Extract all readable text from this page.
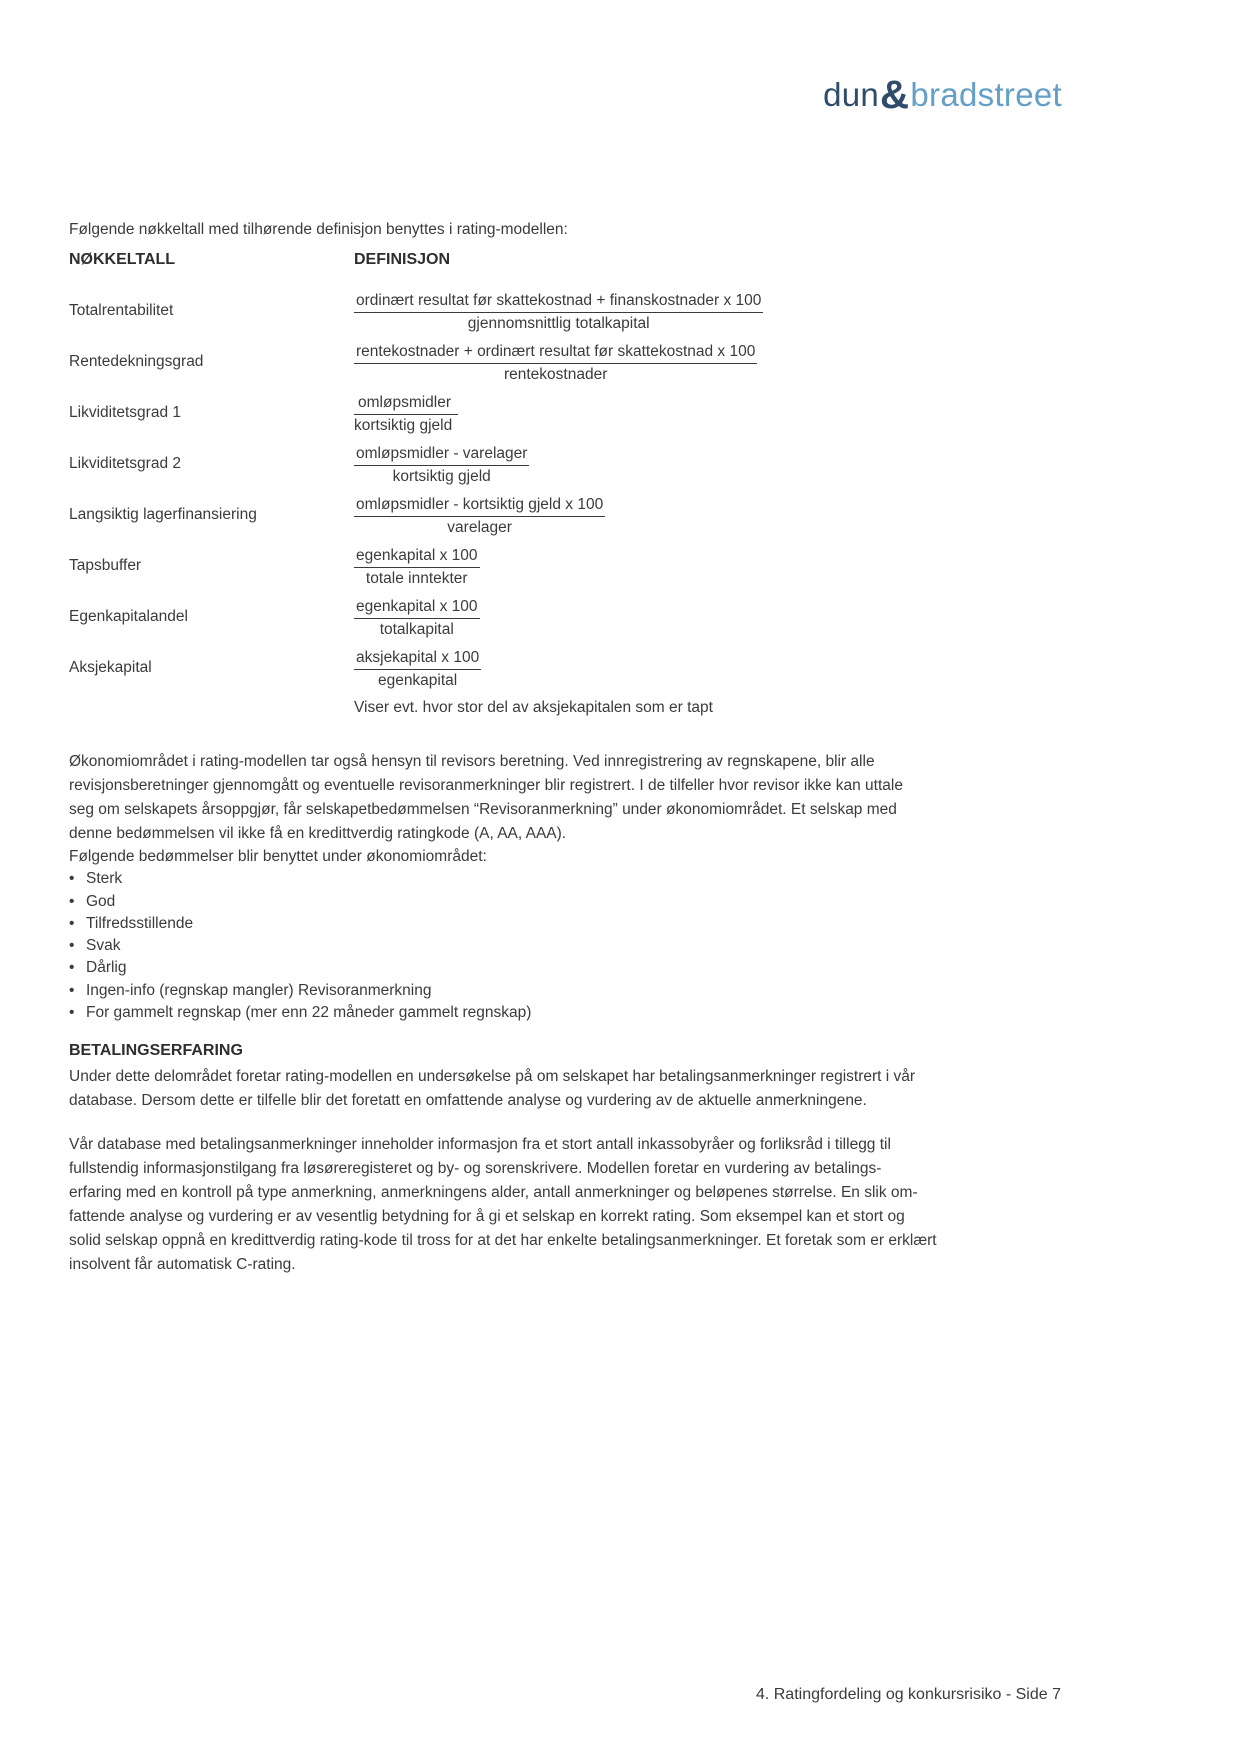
dun&bradstreet

Følgende nøkkeltall med tilhørende definisjon benyttes i rating-modellen:

NØKKELTALL	DEFINISJON
Totalrentabilitet	$\frac{\text{ordinært resultat før skattekostnad + finanskostnader x 100}}{\text{gjennomsnittlig totalkapital}}$
Rentedekningsgrad	$\frac{\text{rentekostnader + ordinært resultat før skattekostnad x 100}}{\text{rentekostnader}}$
Likviditetsgrad 1	$\frac{\text{omløpsmidler}}{\text{kortsiktig gjeld}}$
Likviditetsgrad 2	$\frac{\text{omløpsmidler - varelager}}{\text{kortsiktig gjeld}}$
Langsiktig lagerfinansiering	$\frac{\text{omløpsmidler - kortsiktig gjeld x 100}}{\text{varelager}}$
Tapsbuffer	$\frac{\text{egenkapital x 100}}{\text{totale inntekter}}$
Egenkapitalandel	$\frac{\text{egenkapital x 100}}{\text{totalkapital}}$
Aksjekapital	$\frac{\text{aksjekapital x 100}}{\text{egenkapital}}$
Viser evt. hvor stor del av aksjekapitalen som er tapt

Økonomiområdet i rating-modellen tar også hensyn til revisors beretning. Ved innregistrering av regnskapene, blir alle revisjonsberetninger gjennomgått og eventuelle revisoranmerkninger blir registrert. I de tilfeller hvor revisor ikke kan uttale seg om selskapets årsoppgjør, får selskapetbedømmelsen “Revisoranmerkning” under økonomiområdet. Et selskap med denne bedømmelsen vil ikke få en kredittverdig ratingkode (A, AA, AAA).

Følgende bedømmelser blir benyttet under økonomiområdet:
• Sterk
• God
• Tilfredsstillende
• Svak
• Dårlig
• Ingen-info (regnskap mangler) Revisoranmerkning
• For gammelt regnskap (mer enn 22 måneder gammelt regnskap)
BETALINGSERFARING

Under dette delområdet foretar rating-modellen en undersøkelse på om selskapet har betalingsanmerkninger registrert i vår database. Dersom dette er tilfelle blir det foretatt en omfattende analyse og vurdering av de aktuelle anmerkningene.

Vår database med betalingsanmerkninger inneholder informasjon fra et stort antall inkassobyråer og forliksråd i tillegg til fullstendig informasjonstilgang fra løsøreregisteret og by- og sorenskrivere. Modellen foretar en vurdering av betalings- erfaring med en kontroll på type anmerkning, anmerkningens alder, antall anmerkninger og beløpenes størrelse. En slik om- fattende analyse og vurdering er av vesentlig betydning for å gi et selskap en korrekt rating. Som eksempel kan et stort og solid selskap oppnå en kredittverdig rating-kode til tross for at det har enkelte betalingsanmerkninger. Et foretak som er erklært insolvent får automatisk C-rating.

4. Ratingfordeling og konkursrisiko - Side 7
